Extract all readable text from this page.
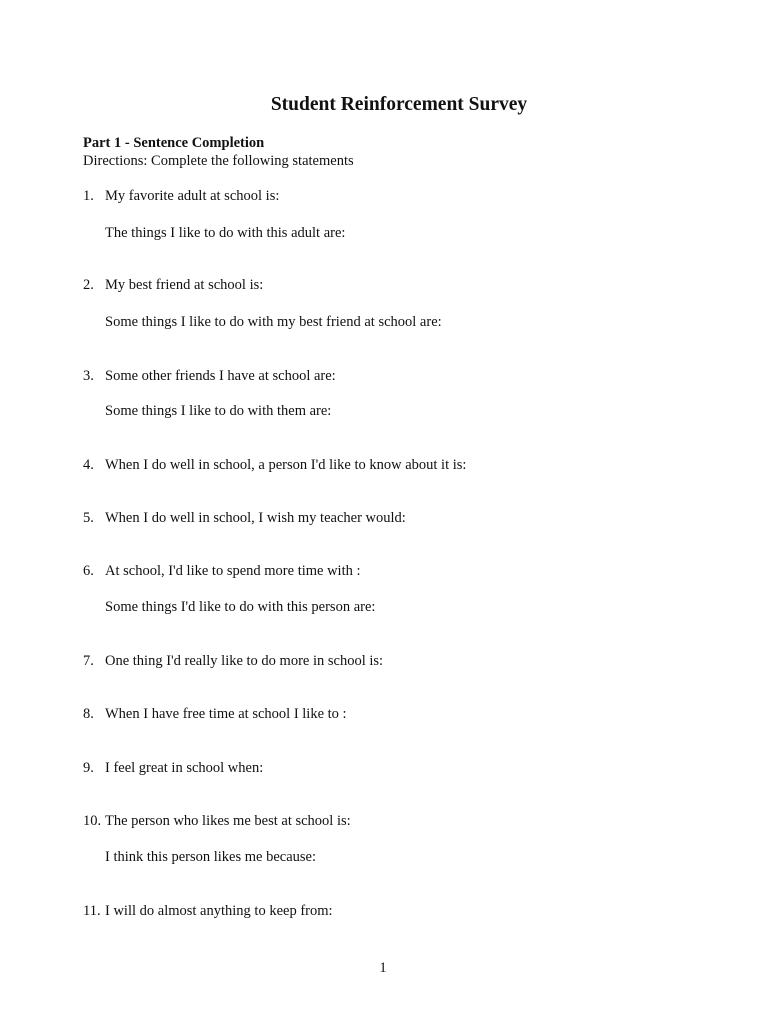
Student Reinforcement Survey
Part 1 - Sentence Completion
Directions: Complete the following statements
1. My favorite adult at school is:
The things I like to do with this adult are:
2. My best friend at school is:
Some things I like to do with my best friend at school are:
3. Some other friends I have at school are:
Some things I like to do with them are:
4. When I do well in school, a person I'd like to know about it is:
5. When I do well in school, I wish my teacher would:
6. At school, I'd like to spend more time with :
Some things I'd like to do with this person are:
7. One thing I'd really like to do more in school is:
8. When I have free time at school I like to :
9. I feel great in school when:
10. The person who likes me best at school is:
I think this person likes me because:
11. I will do almost anything to keep from:
1
